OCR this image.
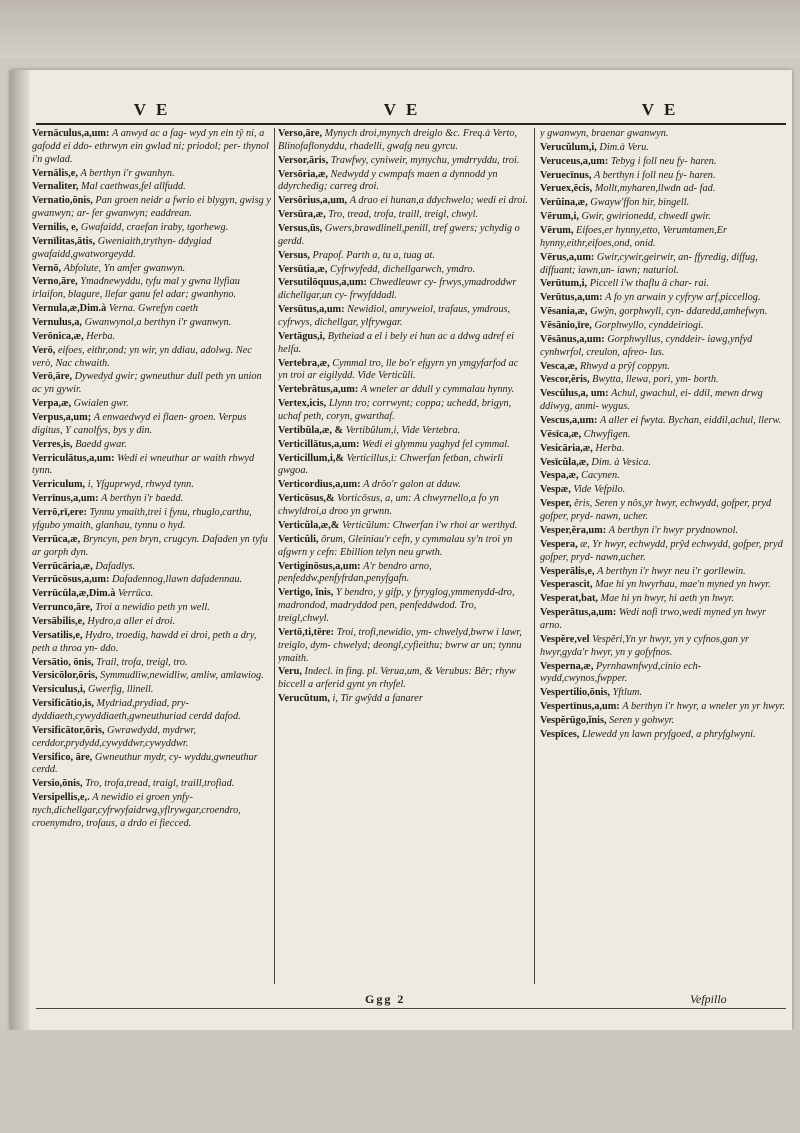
V E	V E	V E

Vernāculus,a,um: A anwyd ac a fag- wyd yn ein tŷ ni, a gafodd ei ddo- ethrwyn ein gwlad ni; priodol; per- thynol i'n gwlad.

Vernālis,e, A berthyn i'r gwanhyn.

Vernaliter, Mal caethwas,fel allfudd.

Vernatio,ōnis, Pan groen neidr a fwrio ei blygyn, gwisg y gwanwyn; ar- fer gwanwyn; eaddrean.

Vernilis, e, Gwafaidd, craefan iraby, tgorhewg.

Vernīlitas,ātis, Gweniaith,trythyn- ddygiad gwafaidd,gwatworgeydd.

Vernō, Abfolute, Yn amfer gwanwyn.

Verno,āre, Ymadnewyddu, tyfu mal y gwna llyfiau irlaifon, blagure, llefar ganu fel adar; gwanhyno.

Vernula,æ,Dim.à Verna. Gwrefyn caeth

Vernulus,a, Gwanwynol,a berthyn i'r gwanwyn.

Verōnica,æ, Herba.

Verō, eifoes, eithr,ond; yn wir, yn ddiau, adolwg. Nec verò, Nac chwaith.

Verō,āre, Dywedyd gwir; gwneuthur dull peth yn union ac yn gywir.

Verpa,æ, Gwialen gwr.

Verpus,a,um; A enwaedwyd ei flaen- groen. Verpus digitus, Y canolfys, bys y din.

Verres,is, Baedd gwar.

Verriculātus,a,um: Wedi ei wneuthur ar waith rhwyd tynn.

Verriculum, i, Yfguprwyd, rhwyd tynn.

Verrīnus,a,um: A berthyn i'r baedd.

Verrō,rī,ere: Tynnu ymaith,trei i fynu, rhuglo,carthu, yfgubo ymaith, glanhau, tynnu o hyd.

Verrūca,æ, Bryncyn, pen bryn, crugcyn. Dafaden yn tyfu ar gorph dyn.

Verrūcāria,æ, Dafadlys.

Verrūcōsus,a,um: Dafadennog,llawn dafadennau.

Verrūcŭla,æ,Dim.à Verrūca.

Verrunco,āre, Troi a newidio peth yn well.

Versābilis,e, Hydro,a aller ei droi.

Versatilis,e, Hydro, troedig, hawdd ei droi, peth a dry, peth a throa yn- ddo.

Versātio, ōnis, Trail, trofa, treigl, tro.

Versicōlor,ōris, Symmudliw,newidliw, amliw, amlawiog.

Versiculus,i, Gwerfig, llinell.

Versificātio,is, Mydriad,prydiad, pry- dyddiaeth,cywyddiaeth,gwneuthuriad cerdd dafod.

Versificātor,ōris, Gwrawdydd, mydrwr, cerddor,prydydd,cywyddwr,cywyddwr.

Versifico, āre, Gwneuthur mydr, cy- wyddu,gwneuthur cerdd.

Versio,ōnis, Tro, trofa,tread, traigl, traill,trofiad.

Versipellis,e,. A newidio ei groen ynfy- nych,dichellgar,cyfrwyfaidrwg,yflrywgar,croendro, croenymdro, trofaus, a drdo ei fiecced.

Verso,āre, Mynych droi,mynych dreiglo &c. Freq.à Verto, Blinofaflonyddu, rhadelli, gwafg neu gyrcu.

Versor,āris, Trawfwy, cyniweir, mynychu, ymdrryddu, troi.

Versōria,æ, Nedwydd y cwmpafs maen a dynnodd yn ddyrchedig; carreg droi.

Versōrius,a,um, A drao ei hunan,a ddychwelo; wedi ei droi.

Versūra,æ, Tro, tread, trofa, traill, treigl, chwyl.

Versus,ūs, Gwers,brawdlinell,penill, tref gwers; ychydig o gerdd.

Versus, Prapof. Parth a, tu a, tuag at.

Versūtia,æ, Cyfrwyfedd, dichellgarwch, ymdro.

Versutilōquus,a,um: Chwedleuwr cy- frwys,ymadroddwr dichellgar,un cy- frwyfddadl.

Versūtus,a,um: Newidiol, amryweiol, trafaus, ymdrous, cyfrwys, dichellgar, ylfrywgar.

Vertāgus,i, Bytheiad a el i bely ei hun ac a ddwg adref ei helfa.

Vertebra,æ, Cymmal tro, lle bo'r efgyrn yn ymgyfarfod ac yn troi ar eigilydd. Vide Verticŭli.

Vertebrātus,a,um: A wneler ar ddull y cymmalau hynny.

Vertex,icis, Llynn tro; corrwynt; coppa; uchedd, brigyn, uchaf peth, coryn, gwarthaf.

Vertibŭla,æ, & Vertibŭlum,i, Vide Vertebra.

Verticillātus,a,um: Wedi ei glymmu yaghyd fel cymmal.

Verticillum,i,& Verticillus,i: Chwerfan fetban, chwirli gwgoa.

Verticordius,a,um: A drôo'r galon at dduw.

Verticōsus,& Vorticōsus, a, um: A chwyrnello,a fo yn chwyldroi,a droo yn grwnn.

Verticŭla,æ,& Verticŭlum: Chwerfan i'w rhoi ar werthyd.

Verticŭli, ōrum, Gleiniau'r cefn, y cymmalau sy'n troi yn afgwrn y cefn: Ebillion telyn neu grwth.

Vertiginōsus,a,um: A'r bendro arno, penfeddw,penfyfrdan,penyfgafn.

Vertigo, ĭnis, Y bendro, y gifp, y fyryglog,ymmenydd-dro, madrondod, madryddod pen, penfeddwdod. Tro, treigl,chwyl.

Vertō,ti,tēre: Troi, trofi,newidio, ym- chwelyd,bwrw i lawr, treiglo, dym- chwelyd; deongl,cyfieithu; bwrw ar un; tynnu ymaith.

Veru, Indecl. in fing. pl. Verua,um, & Verubus: Bêr; rhyw biccell a arferid gynt yn rhyfel.

Verucŭtum, i, Tir gwŷdd a fanarer

y gwanwyn, braenar gwanwyn.

Verucŭlum,i, Dim.à Veru.

Veruceus,a,um: Tebyg i foll neu fy- haren.

Veruecīnus, A berthyn i foll neu fy- haren.

Veruex,ēcis, Mollt,myharen,llwdn ad- fad.

Verūina,æ, Gwayw'ffon hir, bingell.

Vērum,i, Gwir, gwirionedd, chwedl gwir.

Vērum, Eifoes,er hynny,etto, Verumtamen,Er hynny,eithr,eifoes,ond, onid.

Vērus,a,um: Gwir,cywir,geirwir, an- ffyredig, diffug, diffuant; iawn,un- iawn; naturiol.

Verūtum,i, Piccell i'w thaflu â char- rai.

Verūtus,a,um: A fo yn arwain y cyfryw arf,piccellog.

Vēsania,æ, Gwŷn, gorphwyll, cyn- ddaredd,amhefwyn.

Vēsānio,īre, Gorphwyllo, cynddeiriogi.

Vēsānus,a,um: Gorphwyllus, cynddeir- iawg,ynfyd cynhwrfol, creulon, afreo- lus.

Vesca,æ, Rhwyd a prŷf coppyn.

Vescor,ĕris, Bwytta, llewa, pori, ym- borth.

Vescŭlus,a, um: Achul, gwachul, ei- ddil, mewn drwg ddiwyg, anmi- wygus.

Vescus,a,um: A aller ei fwyta. Bychan, eiddil,achul, llerw.

Vēsīca,æ, Chwyfigen.

Vesicāria,æ, Herba.

Vesīcŭla,æ, Dim. à Vesica.

Vespa,æ, Cacynen.

Vespæ, Vide Vefpilo.

Vesper, ĕris, Seren y nôs,yr hwyr, echwydd, gofper, pryd gofper, pryd- nawn, ucher.

Vesper,ĕra,um: A berthyn i'r hwyr prydnownol.

Vespera, æ, Yr hwyr, echwydd, prŷd echwydd, gofper, pryd gofper, pryd- nawn,ucher.

Vesperālis,e, A berthyn i'r hwyr neu i'r gorllewin.

Vesperascit, Mae hi yn hwyrhau, mae'n myned yn hwyr.

Vesperat,bat, Mae hi yn hwyr, hi aeth yn hwyr.

Vesperātus,a,um: Wedi nofi trwo,wedi myned yn hwyr arno.

Vespĕre,vel Vespĕri,Yn yr hwyr, yn y cyfnos,gan yr hwyr,gyda'r hwyr, yn y gofyfnos.

Vesperna,æ, Pyrnhawnfwyd,cinio ech- wydd,cwynos,fwpper.

Vespertilio,ōnis, Yftlum.

Vespertīnus,a,um: A berthyn i'r hwyr, a wneler yn yr hwyr.

Vespĕrūgo,ĭnis, Seren y gohwyr.

Vespīces, Llewedd yn lawn pryfgoed, a phryfglwyni.

Ggg 2	Vefpillo
